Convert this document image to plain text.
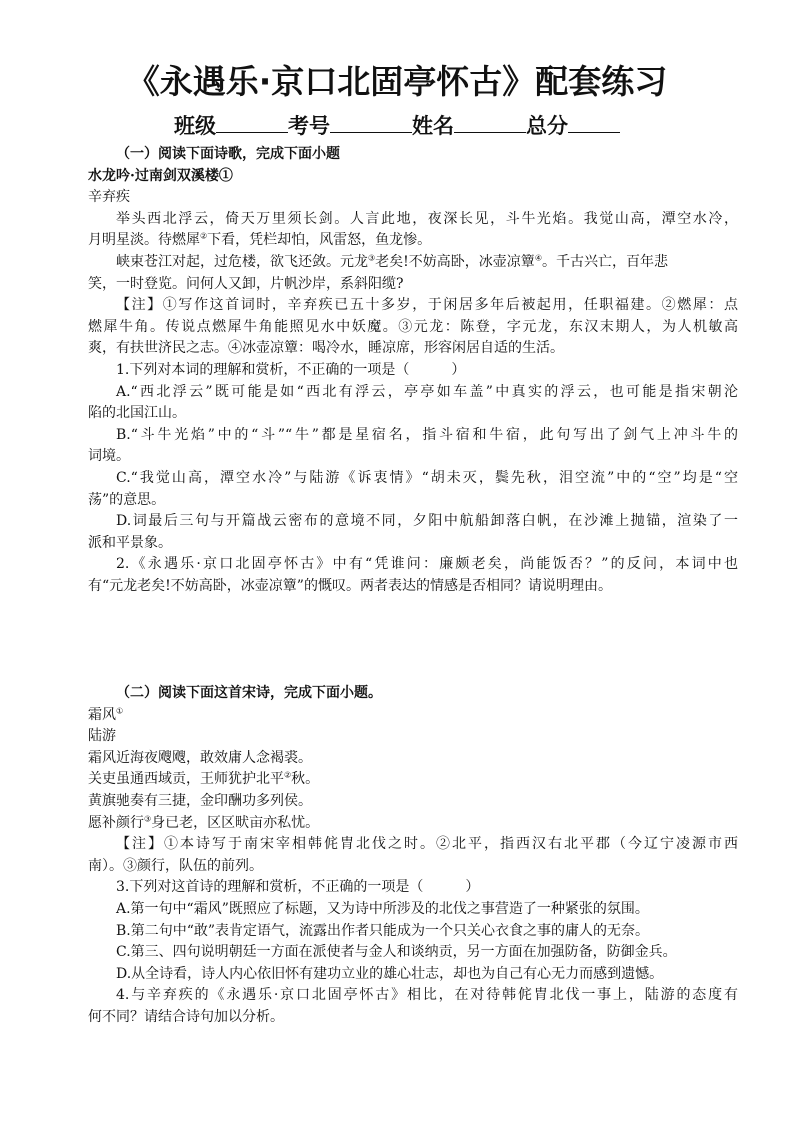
《永遇乐·京口北固亭怀古》配套练习
班级	考号	姓名	总分
（一）阅读下面诗歌，完成下面小题
水龙吟·过南剑双溪楼①
辛弃疾
举头西北浮云，倚天万里须长剑。人言此地，夜深长见，斗牛光焰。我觉山高，潭空水冷，
月明星淡。待燃犀②下看，凭栏却怕，风雷怒，鱼龙惨。
峡束苍江对起，过危楼，欲飞还敛。元龙③老矣!不妨高卧，冰壶凉簟④。千古兴亡，百年悲
笑，一时登览。问何人又卸，片帆沙岸，系斜阳缆?
【注】①写作这首词时，辛弃疾已五十多岁，于闲居多年后被起用，任职福建。②燃犀：点
燃犀牛角。传说点燃犀牛角能照见水中妖魔。③元龙：陈登，字元龙，东汉末期人，为人机敏高
爽，有扶世济民之志。④冰壶凉簟：喝冷水，睡凉席，形容闲居自适的生活。
1.下列对本词的理解和赏析，不正确的一项是（　　　）
A.“西北浮云”既可能是如“西北有浮云，亭亭如车盖”中真实的浮云，也可能是指宋朝沦
陷的北国江山。
B.“斗牛光焰”中的“斗”“牛”都是星宿名，指斗宿和牛宿，此句写出了剑气上冲斗牛的
词境。
C.“我觉山高，潭空水冷”与陆游《诉衷情》“胡未灭，鬓先秋，泪空流”中的“空”均是“空
荡”的意思。
D.词最后三句与开篇战云密布的意境不同，夕阳中航船卸落白帆，在沙滩上抛锚，渲染了一
派和平景象。
2.《永遇乐·京口北固亭怀古》中有“凭谁问：廉颇老矣，尚能饭否？”的反问，本词中也
有“元龙老矣!不妨高卧，冰壶凉簟”的慨叹。两者表达的情感是否相同？请说明理由。
（二）阅读下面这首宋诗，完成下面小题。
霜风①
陆游
霜风近海夜飕飕，敢效庸人念褐裘。
关吏虽通西域贡，王师犹护北平②秋。
黄旗驰奏有三捷，金印酬功多列侯。
愿补颜行③身已老，区区畎亩亦私忧。
【注】①本诗写于南宋宰相韩侂胄北伐之时。②北平，指西汉右北平郡（今辽宁凌源市西
南）。③颜行，队伍的前列。
3.下列对这首诗的理解和赏析，不正确的一项是（　　　）
A.第一句中“霜风”既照应了标题，又为诗中所涉及的北伐之事营造了一种紧张的氛围。
B.第二句中“敢”表肯定语气，流露出作者只能成为一个只关心衣食之事的庸人的无奈。
C.第三、四句说明朝廷一方面在派使者与金人和谈纳贡，另一方面在加强防备，防御金兵。
D.从全诗看，诗人内心依旧怀有建功立业的雄心壮志，却也为自己有心无力而感到遗憾。
4.与辛弃疾的《永遇乐·京口北固亭怀古》相比，在对待韩侂胄北伐一事上，陆游的态度有
何不同？请结合诗句加以分析。
